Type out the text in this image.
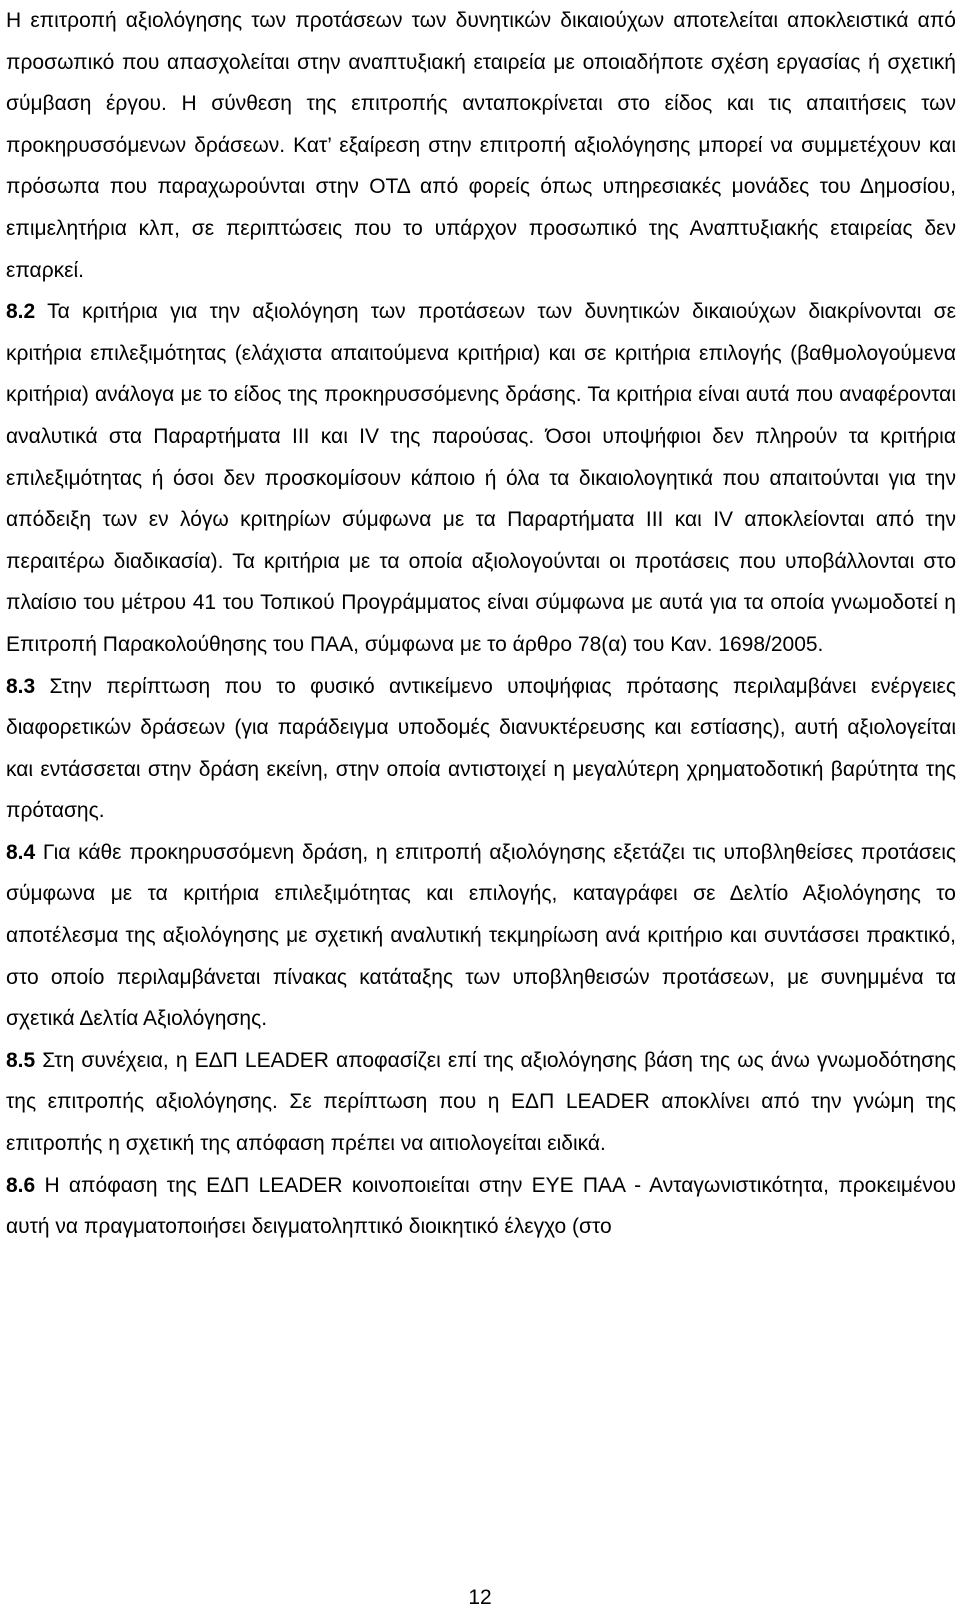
Η επιτροπή αξιολόγησης των προτάσεων των δυνητικών δικαιούχων αποτελείται αποκλειστικά από προσωπικό που απασχολείται στην αναπτυξιακή εταιρεία με οποιαδήποτε σχέση εργασίας ή σχετική σύμβαση έργου. Η σύνθεση της επιτροπής ανταποκρίνεται στο είδος και τις απαιτήσεις των προκηρυσσόμενων δράσεων. Κατ’ εξαίρεση στην επιτροπή αξιολόγησης μπορεί να συμμετέχουν και πρόσωπα που παραχωρούνται στην ΟΤΔ από φορείς όπως υπηρεσιακές μονάδες του Δημοσίου, επιμελητήρια κλπ, σε περιπτώσεις που το υπάρχον προσωπικό της Αναπτυξιακής εταιρείας δεν επαρκεί.

8.2 Τα κριτήρια για την αξιολόγηση των προτάσεων των δυνητικών δικαιούχων διακρίνονται σε κριτήρια επιλεξιμότητας (ελάχιστα απαιτούμενα κριτήρια) και σε κριτήρια επιλογής (βαθμολογούμενα κριτήρια) ανάλογα με το είδος της προκηρυσσόμενης δράσης. Τα κριτήρια είναι αυτά που αναφέρονται αναλυτικά στα Παραρτήματα ΙΙΙ και IV της παρούσας. Όσοι υποψήφιοι δεν πληρούν τα κριτήρια επιλεξιμότητας ή όσοι δεν προσκομίσουν κάποιο ή όλα τα δικαιολογητικά που απαιτούνται για την απόδειξη των εν λόγω κριτηρίων σύμφωνα με τα Παραρτήματα ΙΙΙ και IV αποκλείονται από την περαιτέρω διαδικασία). Τα κριτήρια με τα οποία αξιολογούνται οι προτάσεις που υποβάλλονται στο πλαίσιο του μέτρου 41 του Τοπικού Προγράμματος είναι σύμφωνα με αυτά για τα οποία γνωμοδοτεί η Επιτροπή Παρακολούθησης του ΠΑΑ, σύμφωνα με το άρθρο 78(α) του Καν. 1698/2005.

8.3 Στην περίπτωση που το φυσικό αντικείμενο υποψήφιας πρότασης περιλαμβάνει ενέργειες διαφορετικών δράσεων (για παράδειγμα υποδομές διανυκτέρευσης και εστίασης), αυτή αξιολογείται και εντάσσεται στην δράση εκείνη, στην οποία αντιστοιχεί η μεγαλύτερη χρηματοδοτική βαρύτητα της πρότασης.

8.4 Για κάθε προκηρυσσόμενη δράση, η επιτροπή αξιολόγησης εξετάζει τις υποβληθείσες προτάσεις σύμφωνα με τα κριτήρια επιλεξιμότητας και επιλογής, καταγράφει σε Δελτίο Αξιολόγησης το αποτέλεσμα της αξιολόγησης με σχετική αναλυτική τεκμηρίωση ανά κριτήριο και συντάσσει πρακτικό, στο οποίο περιλαμβάνεται πίνακας κατάταξης των υποβληθεισών προτάσεων, με συνημμένα τα σχετικά Δελτία Αξιολόγησης.

8.5 Στη συνέχεια, η ΕΔΠ LEADER αποφασίζει επί της αξιολόγησης βάση της ως άνω γνωμοδότησης της επιτροπής αξιολόγησης. Σε περίπτωση που η ΕΔΠ LEADER αποκλίνει από την γνώμη της επιτροπής η σχετική της απόφαση πρέπει να αιτιολογείται ειδικά.

8.6 Η απόφαση της ΕΔΠ LEADER κοινοποιείται στην ΕΥΕ ΠΑΑ - Ανταγωνιστικότητα, προκειμένου αυτή να πραγματοποιήσει δειγματοληπτικό διοικητικό έλεγχο (στο

12
